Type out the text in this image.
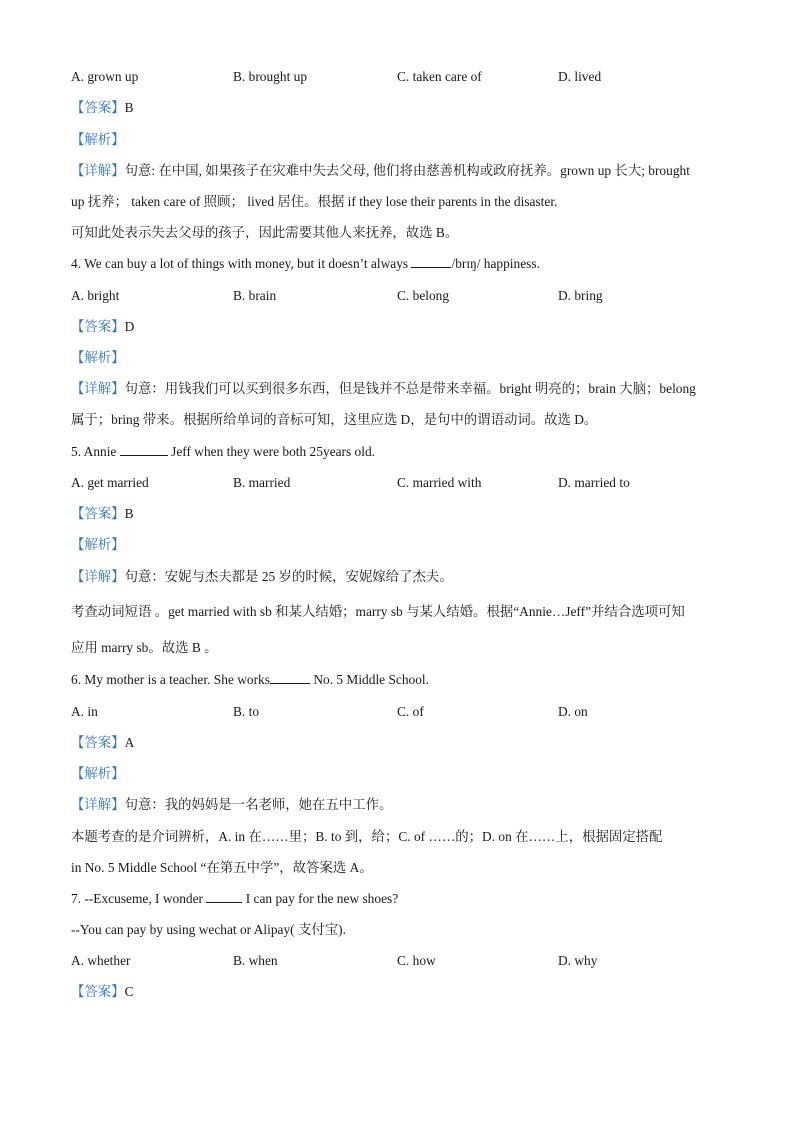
A. grown up	B. brought up	C. taken care of	D. lived
【答案】B
【解析】
【详解】句意: 在中国, 如果孩子在灾难中失去父母, 他们将由慈善机构或政府抚养。grown up 长大; brought
up 抚养； taken care of 照顾； lived 居住。根据 if they lose their parents in the disaster.
可知此处表示失去父母的孩子，因此需要其他人来抚养，故选 B。
4. We can buy a lot of things with money, but it doesn’t always	/brɪŋ/ happiness.
A. bright	B. brain	C. belong	D. bring
【答案】D
【解析】
【详解】句意：用钱我们可以买到很多东西，但是钱并不总是带来幸福。bright 明亮的；brain 大脑；belong
属于；bring 带来。根据所给单词的音标可知，这里应选 D，是句中的谓语动词。故选 D。
5. Annie	Jeff when they were both 25years old.
A. get married	B. married	C. married with	D. married to
【答案】B
【解析】
【详解】句意：安妮与杰夫都是 25 岁的时候，安妮嫁给了杰夫。
考查动词短语 。get married with sb 和某人结婚；marry sb 与某人结婚。根据“Annie…Jeff”并结合选项可知
应用 marry sb。故选 B 。
6. My mother is a teacher. She works	No. 5 Middle School.
A. in	B. to	C. of	D. on
【答案】A
【解析】
【详解】句意：我的妈妈是一名老师，她在五中工作。
本题考查的是介词辨析，A. in 在……里；B. to 到，给；C. of ……的；D. on 在……上，根据固定搭配
in No. 5 Middle School “在第五中学”，故答案选 A。
7. --Excuseme, I wonder	I can pay for the new shoes?
--You can pay by using wechat or Alipay( 支付宝).
A. whether	B. when	C. how	D. why
【答案】C
